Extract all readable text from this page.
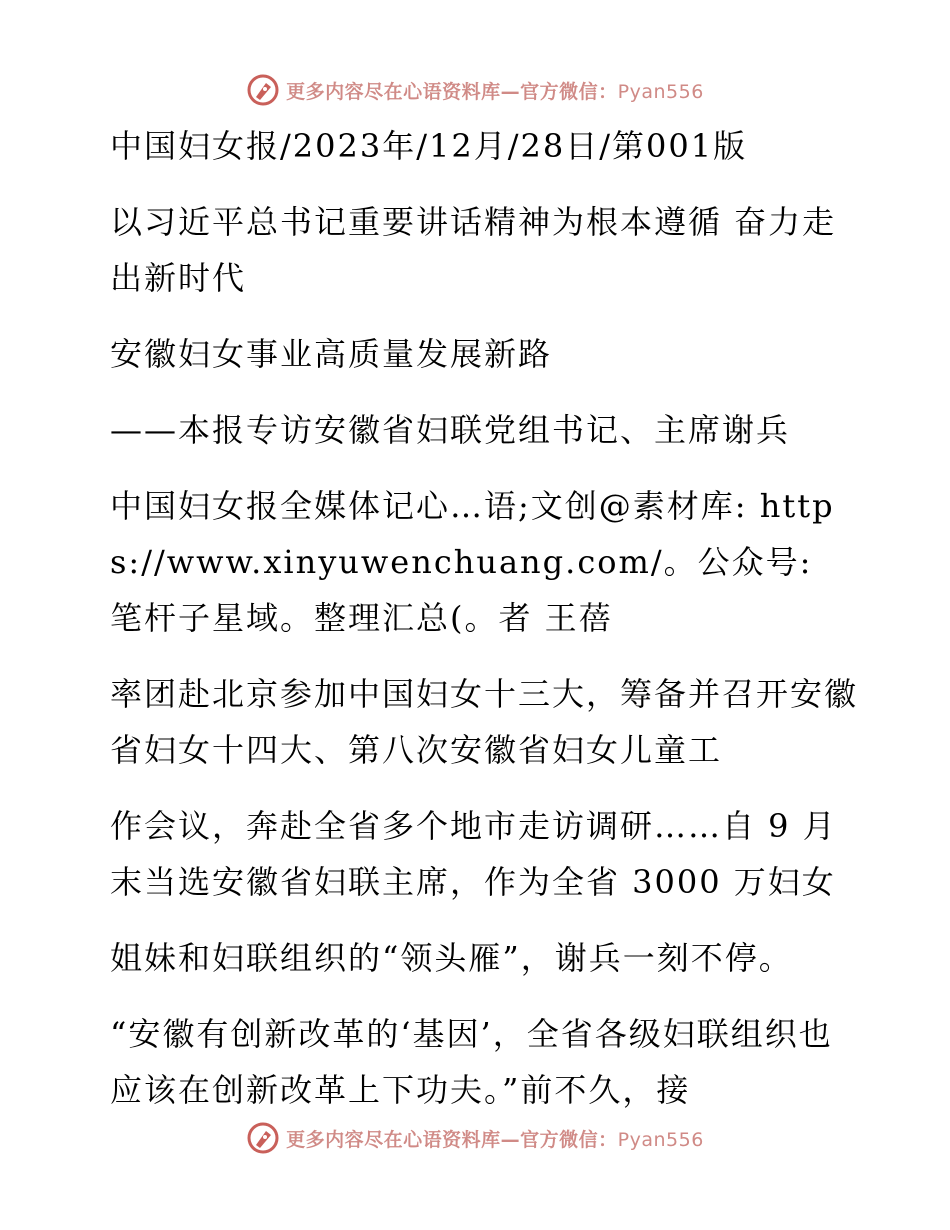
更多内容尽在心语资料库—官方微信：Pyan556

中国妇女报/2023年/12月/28日/第001版

以习近平总书记重要讲话精神为根本遵循 奋力走出新时代

安徽妇女事业高质量发展新路

——本报专访安徽省妇联党组书记、主席谢兵

中国妇女报全媒体记心…语;文创@素材库: https://www.xinyuwenchuang.com/。公众号: 笔杆子星域。整理汇总(。者 王蓓

率团赴北京参加中国妇女十三大，筹备并召开安徽省妇女十四大、第八次安徽省妇女儿童工

作会议，奔赴全省多个地市走访调研……自 9 月末当选安徽省妇联主席，作为全省 3000 万妇女

姐妹和妇联组织的“领头雁”，谢兵一刻不停。

“安徽有创新改革的‘基因’，全省各级妇联组织也应该在创新改革上下功夫。”前不久，接

更多内容尽在心语资料库—官方微信：Pyan556
